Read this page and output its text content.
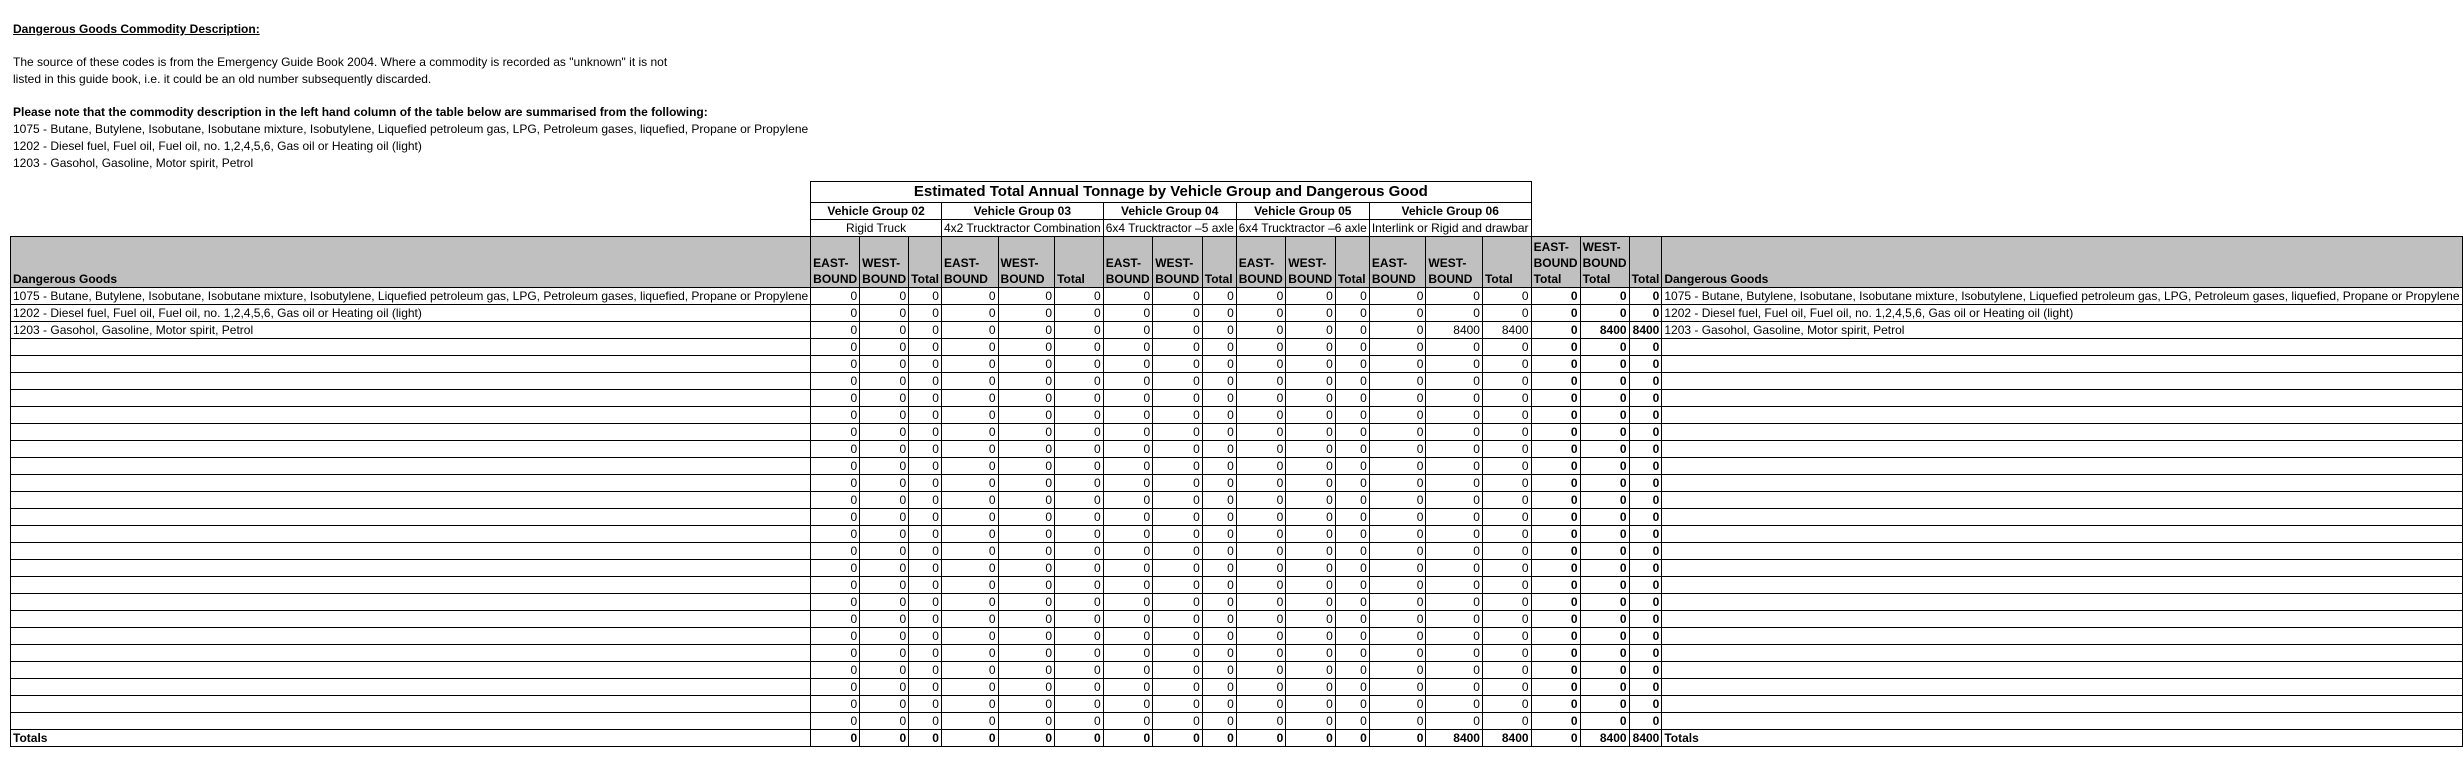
Dangerous Goods Commodity Description:

The source of these codes is from the Emergency Guide Book 2004. Where a commodity is recorded as "unknown" it is not

listed in this guide book, i.e. it could be an old number subsequently discarded.

Please note that the commodity description in the left hand column of the table below are summarised from the following:

1075 - Butane, Butylene, Isobutane, Isobutane mixture, Isobutylene, Liquefied petroleum gas, LPG, Petroleum gases, liquefied, Propane or Propylene

1202 - Diesel fuel, Fuel oil, Fuel oil, no. 1,2,4,5,6, Gas oil or Heating oil (light)

1203 - Gasohol, Gasoline, Motor spirit, Petrol

	Estimated Total Annual Tonnage by Vehicle Group and Dangerous Good																		
	Vehicle Group 02			Vehicle Group 03			Vehicle Group 04			Vehicle Group 05			Vehicle Group 06						
	Rigid Truck			4x2 Trucktractor Combination			6x4 Trucktractor –5 axle			6x4 Trucktractor –6 axle			Interlink or Rigid and drawbar						
Dangerous Goods	EAST-
BOUND	WEST-
BOUND	Total	EAST-
BOUND	WEST-
BOUND	Total	EAST-
BOUND	WEST-
BOUND	Total	EAST-
BOUND	WEST-
BOUND	Total	EAST-
BOUND	WEST-
BOUND	Total	EAST-
BOUND
Total	WEST-
BOUND
Total	Total	Dangerous Goods
1075 - Butane, Butylene, Isobutane, Isobutane mixture, Isobutylene, Liquefied petroleum gas, LPG, Petroleum gases, liquefied, Propane or Propylene	0	0	0	0	0	0	0	0	0	0	0	0	0	0	0	0	0	0	1075 - Butane, Butylene, Isobutane, Isobutane mixture, Isobutylene, Liquefied petroleum gas, LPG, Petroleum gases, liquefied, Propane or Propylene
1202 - Diesel fuel, Fuel oil, Fuel oil, no. 1,2,4,5,6, Gas oil or Heating oil (light)	0	0	0	0	0	0	0	0	0	0	0	0	0	0	0	0	0	0	1202 - Diesel fuel, Fuel oil, Fuel oil, no. 1,2,4,5,6, Gas oil or Heating oil (light)
1203 - Gasohol, Gasoline, Motor spirit, Petrol	0	0	0	0	0	0	0	0	0	0	0	0	0	8400	8400	0	8400	8400	1203 - Gasohol, Gasoline, Motor spirit, Petrol
	0	0	0	0	0	0	0	0	0	0	0	0	0	0	0	0	0	0	
	0	0	0	0	0	0	0	0	0	0	0	0	0	0	0	0	0	0	
	0	0	0	0	0	0	0	0	0	0	0	0	0	0	0	0	0	0	
	0	0	0	0	0	0	0	0	0	0	0	0	0	0	0	0	0	0	
	0	0	0	0	0	0	0	0	0	0	0	0	0	0	0	0	0	0	
	0	0	0	0	0	0	0	0	0	0	0	0	0	0	0	0	0	0	
	0	0	0	0	0	0	0	0	0	0	0	0	0	0	0	0	0	0	
	0	0	0	0	0	0	0	0	0	0	0	0	0	0	0	0	0	0	
	0	0	0	0	0	0	0	0	0	0	0	0	0	0	0	0	0	0	
	0	0	0	0	0	0	0	0	0	0	0	0	0	0	0	0	0	0	
	0	0	0	0	0	0	0	0	0	0	0	0	0	0	0	0	0	0	
	0	0	0	0	0	0	0	0	0	0	0	0	0	0	0	0	0	0	
	0	0	0	0	0	0	0	0	0	0	0	0	0	0	0	0	0	0	
	0	0	0	0	0	0	0	0	0	0	0	0	0	0	0	0	0	0	
	0	0	0	0	0	0	0	0	0	0	0	0	0	0	0	0	0	0	
	0	0	0	0	0	0	0	0	0	0	0	0	0	0	0	0	0	0	
	0	0	0	0	0	0	0	0	0	0	0	0	0	0	0	0	0	0	
	0	0	0	0	0	0	0	0	0	0	0	0	0	0	0	0	0	0	
	0	0	0	0	0	0	0	0	0	0	0	0	0	0	0	0	0	0	
	0	0	0	0	0	0	0	0	0	0	0	0	0	0	0	0	0	0	
	0	0	0	0	0	0	0	0	0	0	0	0	0	0	0	0	0	0	
	0	0	0	0	0	0	0	0	0	0	0	0	0	0	0	0	0	0	
	0	0	0	0	0	0	0	0	0	0	0	0	0	0	0	0	0	0	
Totals	0	0	0	0	0	0	0	0	0	0	0	0	0	8400	8400	0	8400	8400	Totals
